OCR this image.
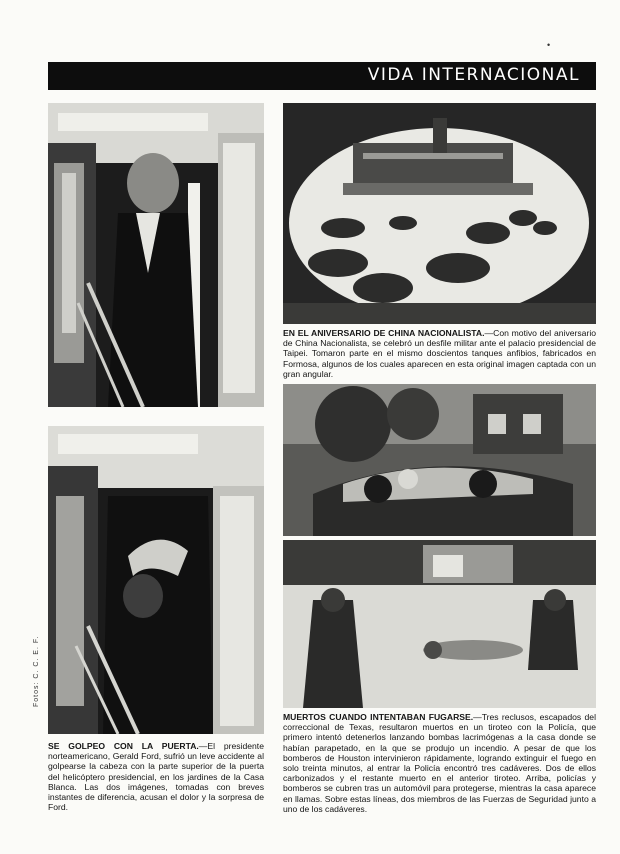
VIDA INTERNACIONAL
•
Fotos: C. C. E. F.
EN EL ANIVERSARIO DE CHINA NACIONALISTA.—Con motivo del aniversario de China Nacionalista, se celebró un desfile militar ante el palacio presidencial de Taipei. Tomaron parte en el mismo doscientos tanques anfibios, fabricados en Formosa, algunos de los cuales aparecen en esta original imagen captada con un gran angular.
MUERTOS CUANDO INTENTABAN FUGARSE.—Tres reclusos, escapados del correccional de Texas, resultaron muertos en un tiroteo con la Policía, que primero intentó detenerlos lanzando bombas lacrimógenas a la casa donde se habían parapetado, en la que se produjo un incendio. A pesar de que los bomberos de Houston intervinieron rápidamente, logrando extinguir el fuego en solo treinta minutos, al entrar la Policía encontró tres cadáveres. Dos de ellos carbonizados y el restante muerto en el anterior tiroteo. Arriba, policías y bomberos se cubren tras un automóvil para protegerse, mientras la casa aparece en llamas. Sobre estas líneas, dos miembros de las Fuerzas de Seguridad junto a uno de los cadáveres.
SE GOLPEO CON LA PUERTA.—El presidente norteamericano, Gerald Ford, sufrió un leve accidente al golpearse la cabeza con la parte superior de la puerta del helicóptero presidencial, en los jardines de la Casa Blanca. Las dos imágenes, tomadas con breves instantes de diferencia, acusan el dolor y la sorpresa de Ford.
